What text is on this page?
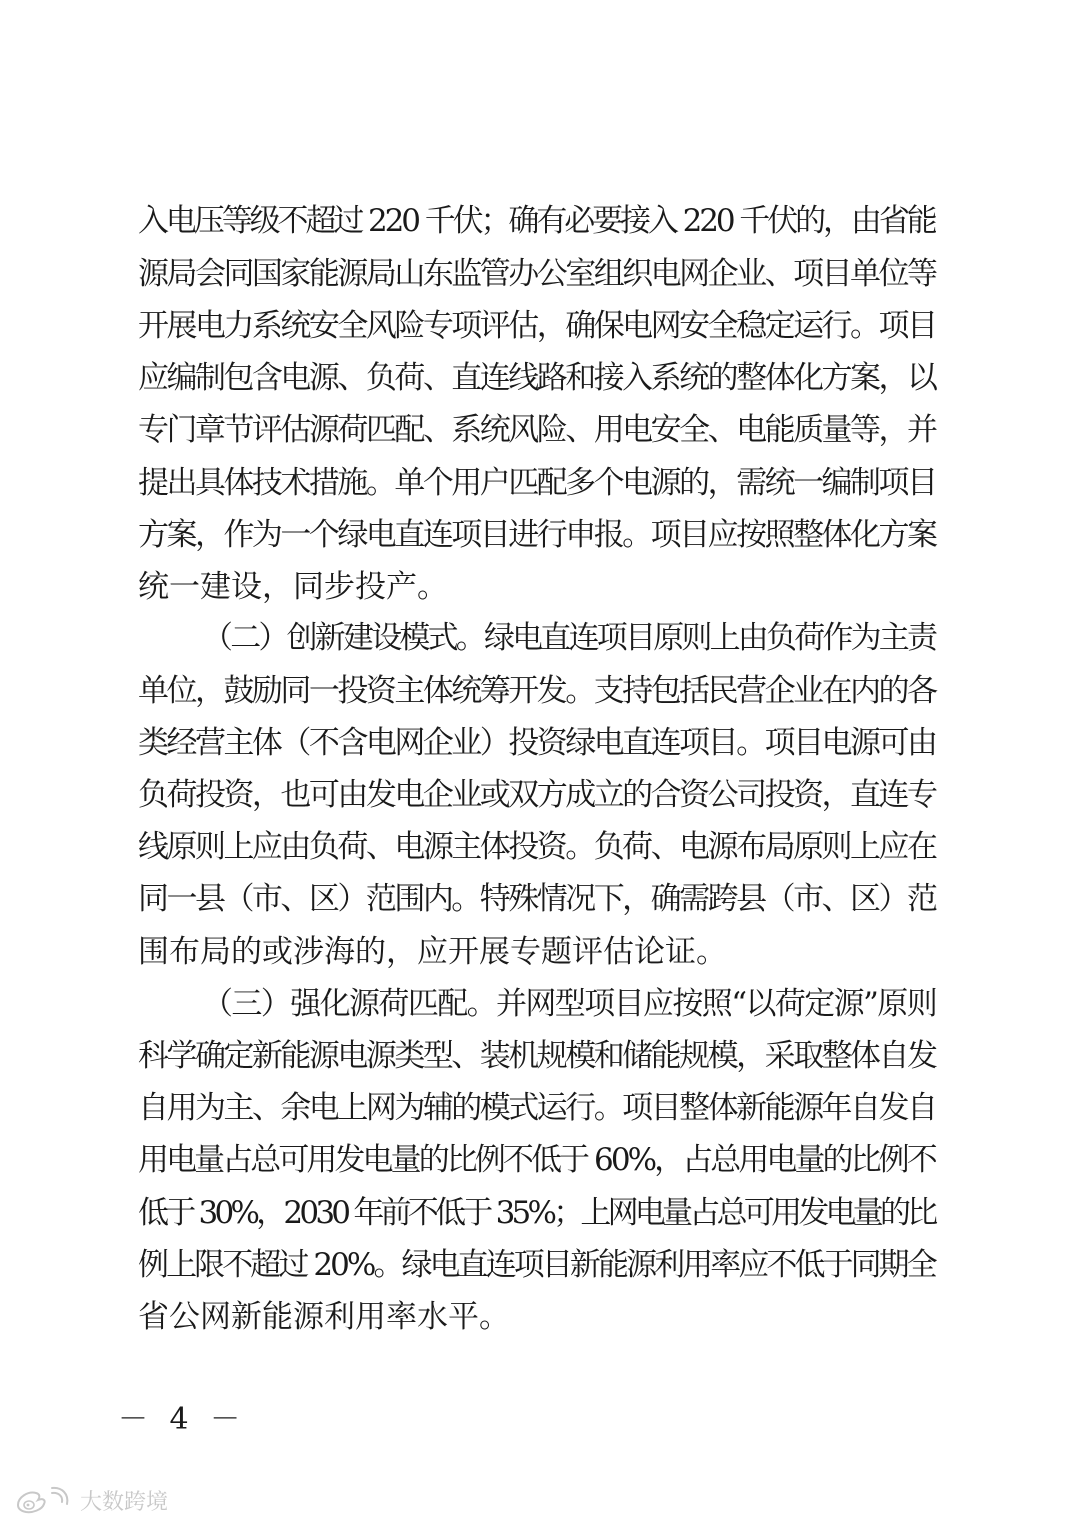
入电压等级不超过 220 千伏；确有必要接入 220 千伏的，由省能
源局会同国家能源局山东监管办公室组织电网企业、项目单位等
开展电力系统安全风险专项评估，确保电网安全稳定运行。项目
应编制包含电源、负荷、直连线路和接入系统的整体化方案，以
专门章节评估源荷匹配、系统风险、用电安全、电能质量等，并
提出具体技术措施。单个用户匹配多个电源的，需统一编制项目
方案，作为一个绿电直连项目进行申报。项目应按照整体化方案
统一建设，同步投产。
（二）创新建设模式。绿电直连项目原则上由负荷作为主责
单位，鼓励同一投资主体统筹开发。支持包括民营企业在内的各
类经营主体（不含电网企业）投资绿电直连项目。项目电源可由
负荷投资，也可由发电企业或双方成立的合资公司投资，直连专
线原则上应由负荷、电源主体投资。负荷、电源布局原则上应在
同一县（市、区）范围内。特殊情况下，确需跨县（市、区）范
围布局的或涉海的，应开展专题评估论证。
（三）强化源荷匹配。并网型项目应按照“以荷定源”原则
科学确定新能源电源类型、装机规模和储能规模，采取整体自发
自用为主、余电上网为辅的模式运行。项目整体新能源年自发自
用电量占总可用发电量的比例不低于 60%，占总用电量的比例不
低于 30%，2030 年前不低于 35%；上网电量占总可用发电量的比
例上限不超过 20%。绿电直连项目新能源利用率应不低于同期全
省公网新能源利用率水平。
－ 4 －
大数跨境
